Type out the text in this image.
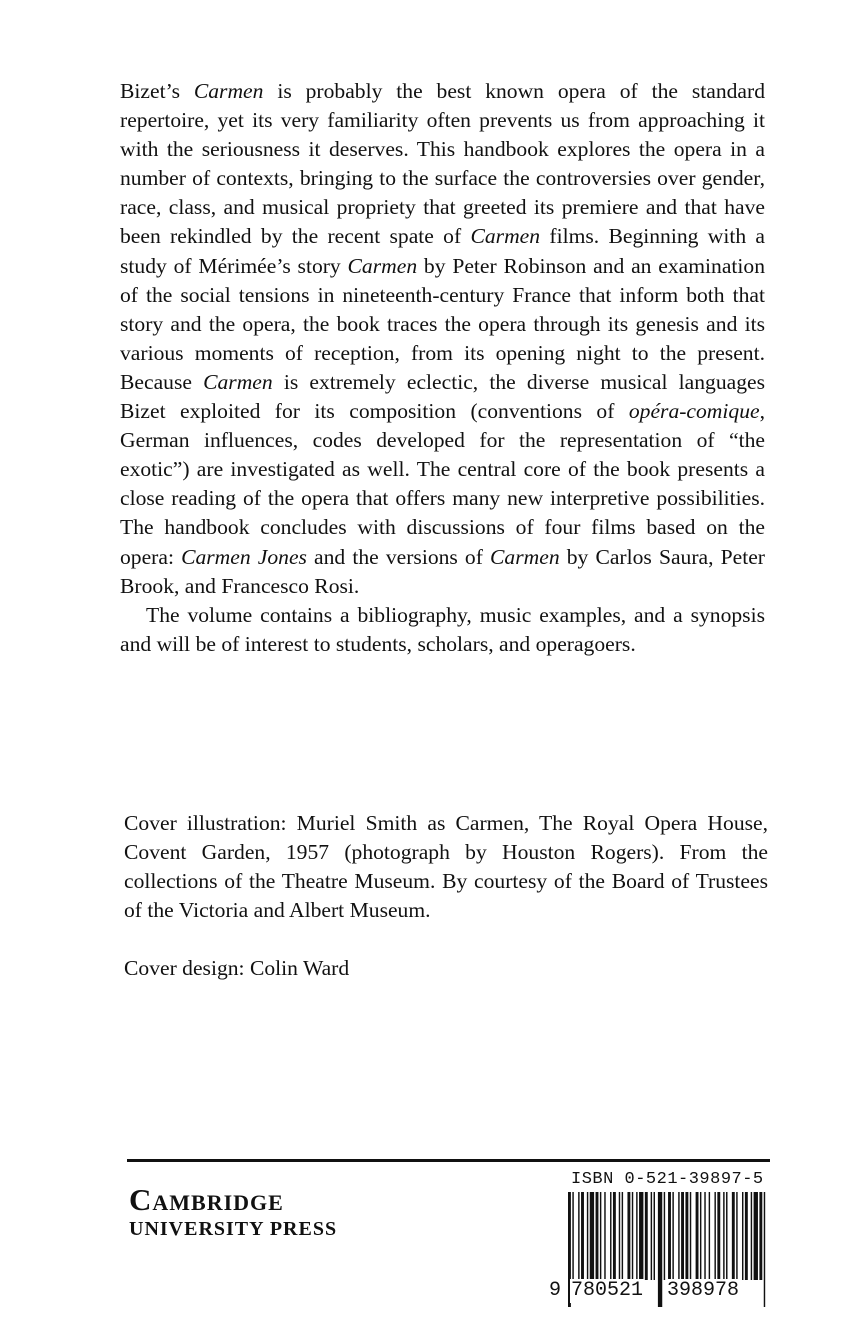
Bizet’s Carmen is probably the best known opera of the standard repertoire, yet its very familiarity often prevents us from approaching it with the seriousness it deserves. This handbook explores the opera in a number of contexts, bringing to the surface the controversies over gender, race, class, and musical propriety that greeted its premiere and that have been rekindled by the recent spate of Carmen films. Beginning with a study of Mérimée’s story Carmen by Peter Robinson and an examination of the social tensions in nineteenth-century France that inform both that story and the opera, the book traces the opera through its genesis and its various moments of reception, from its opening night to the present. Because Carmen is extremely eclectic, the diverse musical languages Bizet exploited for its composition (conventions of opéra-comique, German influences, codes developed for the representation of “the exotic”) are investigated as well. The central core of the book presents a close reading of the opera that offers many new interpretive possibilities. The handbook concludes with discussions of four films based on the opera: Carmen Jones and the versions of Carmen by Carlos Saura, Peter Brook, and Francesco Rosi.

The volume contains a bibliography, music examples, and a synopsis and will be of interest to students, scholars, and operagoers.

Cover illustration: Muriel Smith as Carmen, The Royal Opera House, Covent Garden, 1957 (photograph by Houston Rogers). From the collections of the Theatre Museum. By courtesy of the Board of Trustees of the Victoria and Albert Museum.
Cover design: Colin Ward
Cambridge
UNIVERSITY PRESS
ISBN 0-521-39897-5
9 780521 398978
